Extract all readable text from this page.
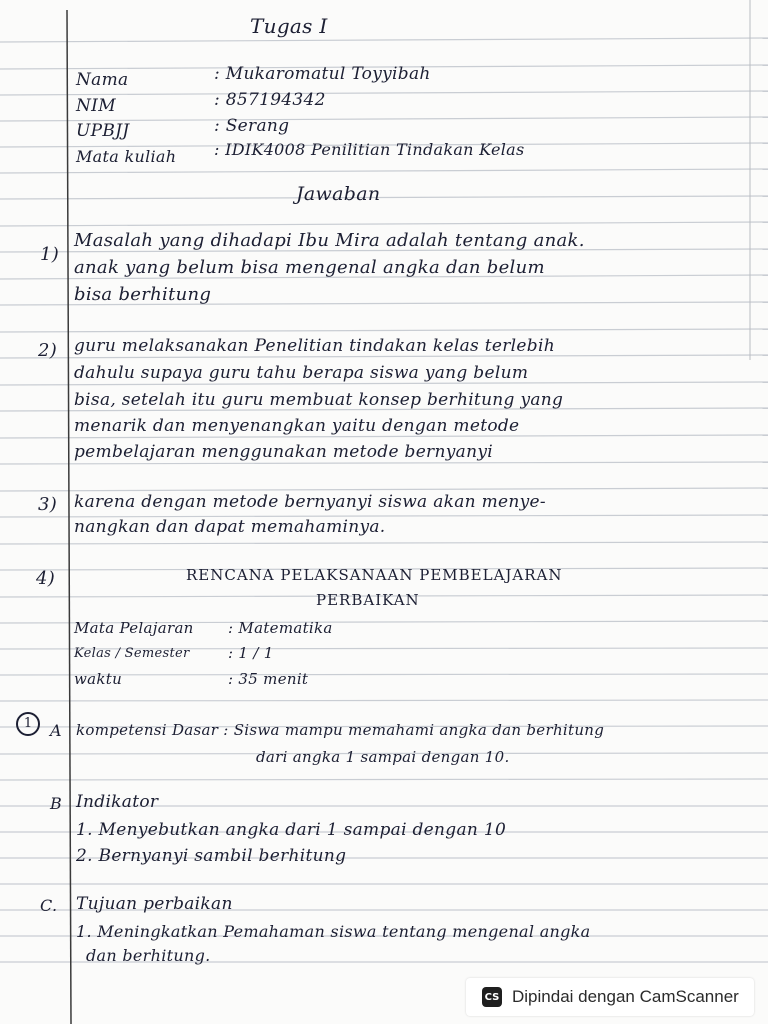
Tugas I
Nama	: Mukaromatul Toyyibah
NIM	: 857194342
UPBJJ	: Serang
Mata kuliah : IDIK4008 Penilitian Tindakan Kelas
Jawaban
1)
Masalah yang dihadapi Ibu Mira adalah tentang anak.
anak yang belum bisa mengenal angka dan belum
bisa berhitung
2) guru melaksanakan Penelitian tindakan kelas terlebih
dahulu supaya guru tahu berapa siswa yang belum
bisa, setelah itu guru membuat konsep berhitung yang
menarik dan menyenangkan yaitu dengan metode
pembelajaran menggunakan metode bernyanyi
3) karena dengan metode bernyanyi siswa akan menye-
nangkan dan dapat memahaminya.
4)	RENCANA PELAKSANAAN PEMBELAJARAN
PERBAIKAN
Mata Pelajaran : Matematika
Kelas / Semester	: 1 / 1
waktu	: 35 menit
1	A kompetensi Dasar : Siswa mampu memahami angka dan berhitung
dari angka 1 sampai dengan 10.
B Indikator
1. Menyebutkan angka dari 1 sampai dengan 10
2. Bernyanyi sambil berhitung
C. Tujuan perbaikan
1. Meningkatkan Pemahaman siswa tentang mengenal angka
dan berhitung.
CS Dipindai dengan CamScanner
